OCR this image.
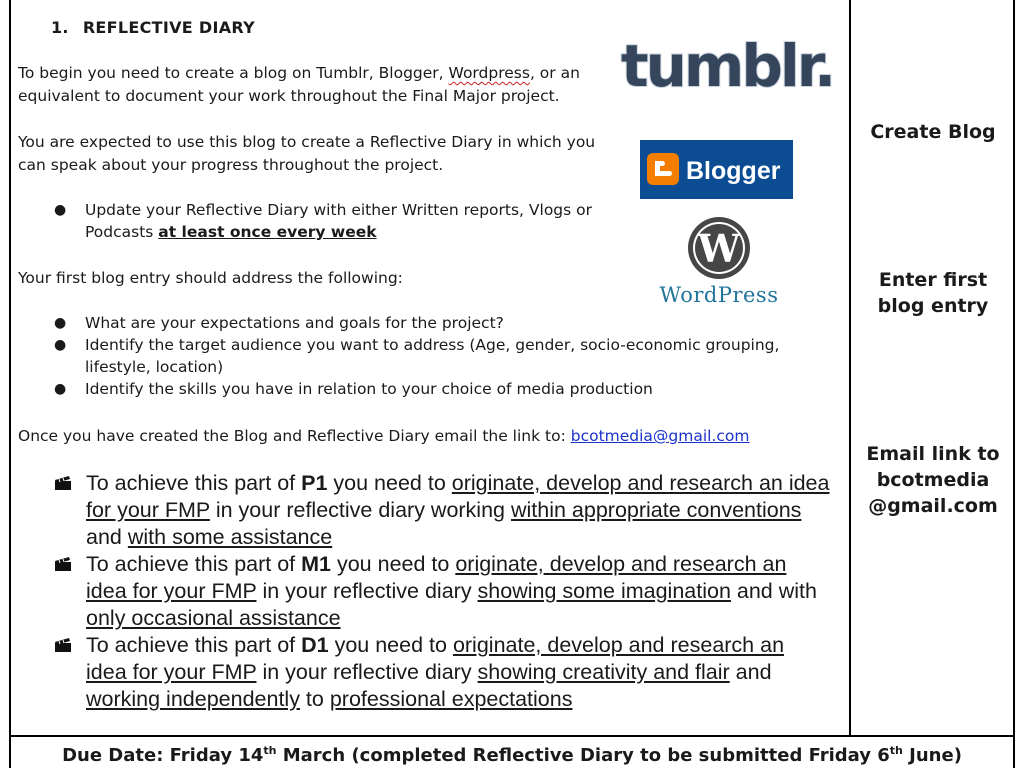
1. REFLECTIVE DIARY
To begin you need to create a blog on Tumblr, Blogger, Wordpress, or an equivalent to document your work throughout the Final Major project.
You are expected to use this blog to create a Reflective Diary in which you can speak about your progress throughout the project.
● Update your Reflective Diary with either Written reports, Vlogs or Podcasts at least once every week
Your first blog entry should address the following:
● What are your expectations and goals for the project?
● Identify the target audience you want to address (Age, gender, socio-economic grouping, lifestyle, location)
● Identify the skills you have in relation to your choice of media production
Once you have created the Blog and Reflective Diary email the link to: bcotmedia@gmail.com
To achieve this part of P1 you need to originate, develop and research an idea for your FMP in your reflective diary working within appropriate conventions and with some assistance
To achieve this part of M1 you need to originate, develop and research an idea for your FMP in your reflective diary showing some imagination and with only occasional assistance
To achieve this part of D1 you need to originate, develop and research an idea for your FMP in your reflective diary showing creativity and flair and working independently to professional expectations
Create Blog
Enter first
blog entry
Email link to
bcotmedia
@gmail.com
Due Date: Friday 14th March (completed Reflective Diary to be submitted Friday 6th June)
tumblr.
Blogger
W
WordPress
